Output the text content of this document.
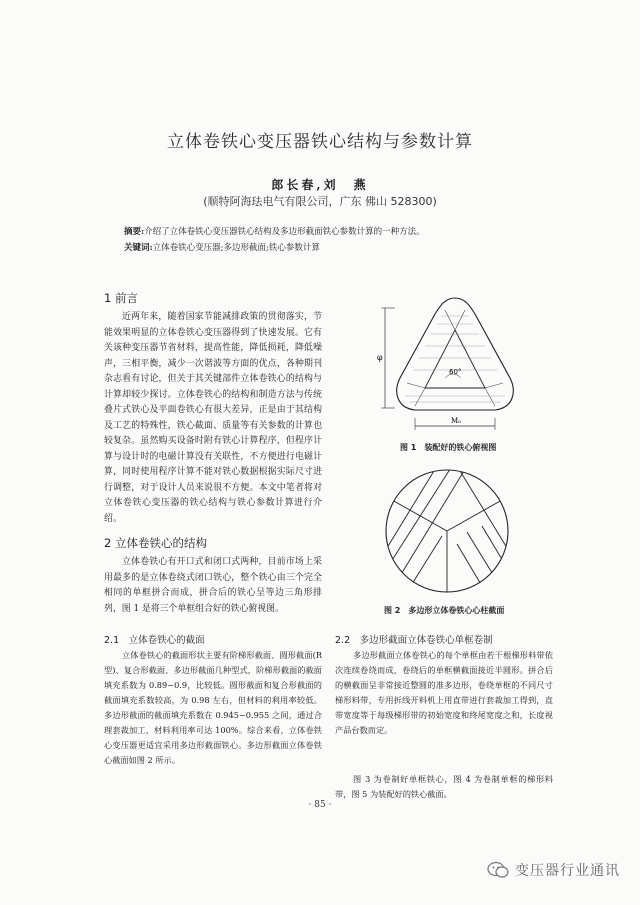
立体卷铁心变压器铁心结构与参数计算
郎长春,刘　燕
(顺特阿海珐电气有限公司，广东 佛山 528300)
摘要:介绍了立体卷铁心变压器铁心结构及多边形截面铁心参数计算的一种方法。
关键词:立体卷铁心变压器;多边形截面;铁心参数计算
1 前言

近两年来，随着国家节能减排政策的贯彻落实，节能效果明显的立体卷铁心变压器得到了快速发展。它有关该种变压器节省材料，提高性能，降低损耗，降低噪声，三相平衡，减少一次谐波等方面的优点，各种期刊杂志看有讨论，但关于其关键部件立体卷铁心的结构与计算却较少探讨。立体卷铁心的结构和制造方法与传统叠片式铁心及平面卷铁心有很大差异，正是由于其结构及工艺的特殊性，铁心截面、质量等有关参数的计算也较复杂。虽然购买设备时附有铁心计算程序，但程序计算与设计时的电磁计算没有关联性，不方便进行电磁计算，同时使用程序计算不能对铁心数据根据实际尺寸进行调整，对于设计人员来说很不方便。本文中笔者将对立体卷铁心变压器的铁心结构与铁心参数计算进行介绍。

2 立体卷铁心的结构

立体卷铁心有开口式和闭口式两种，目前市场上采用最多的是立体卷绕式闭口铁心，整个铁心由三个完全相同的单框拼合而成，拼合后的铁心呈等边三角形排列，图 1 是将三个单框组合好的铁心俯视图。

2.1　立体卷铁心的截面

立体卷铁心的截面形状主要有阶梯形截面、圆形截面(R 型)、复合形截面、多边形截面几种型式，阶梯形截面的截面填充系数为 0.89~0.9，比较低。圆形截面和复合形截面的截面填充系数较高，为 0.98 左右，但材料的利用率较低。多边形截面的截面填充系数在 0.945~0.955 之间，通过合理套裁加工，材料利用率可达 100%。综合来看，立体卷铁心变压器更适宜采用多边形截面铁心。多边形截面立体卷铁心截面如图 2 所示。

φ
M₀
60°
图 1　装配好的铁心俯视图
图 2　多边形立体卷铁心心柱截面
2.2　多边形截面立体卷铁心单框卷制

多边形截面立体卷铁心的每个单框由若干根梯形料带依次连续卷绕而成，卷绕后的单框横截面接近半圆形。拼合后的横截面呈非常接近整圆的准多边形，卷绕单框的不同尺寸梯形料带，专用折线开料机上用直带进行套裁加工得到，直带宽度等于每级梯形带的初始宽度和终尾宽度之和，长度视产品台数而定。

图 3 为卷制好单框铁心，图 4 为卷制单框的梯形料带，图 5 为装配好的铁心截面。

· 85 ·
变压器行业通讯
